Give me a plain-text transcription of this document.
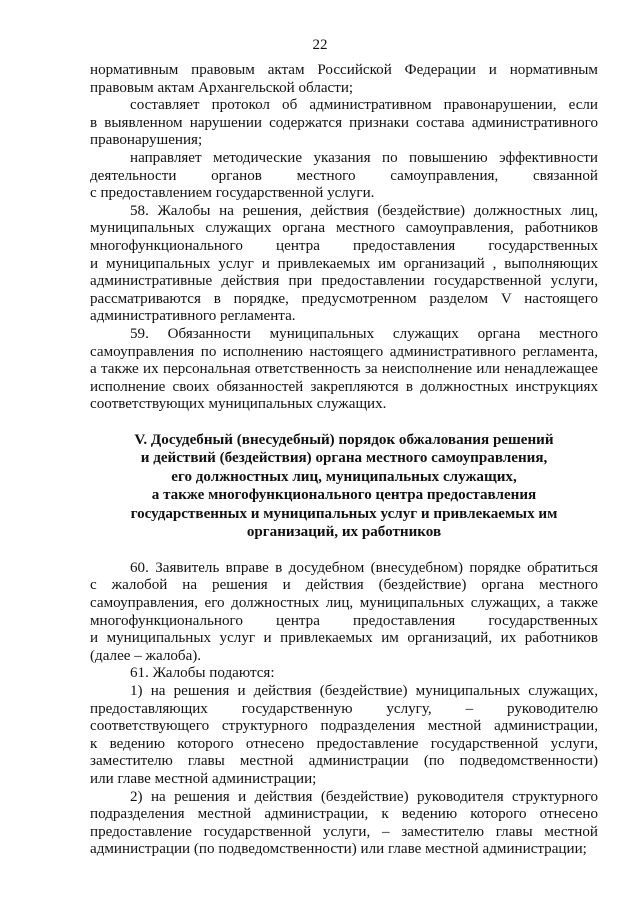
22
нормативным правовым актам Российской Федерации и нормативным
правовым актам Архангельской области;
составляет протокол об административном правонарушении, если
в выявленном нарушении содержатся признаки состава административного
правонарушения;
направляет методические указания по повышению эффективности
деятельности органов местного самоуправления, связанной
с предоставлением государственной услуги.
58. Жалобы на решения, действия (бездействие) должностных лиц,
муниципальных служащих органа местного самоуправления, работников
многофункционального центра предоставления государственных
и муниципальных услуг и привлекаемых им организаций , выполняющих
административные действия при предоставлении государственной услуги,
рассматриваются в порядке, предусмотренном разделом V настоящего
административного регламента.
59. Обязанности муниципальных служащих органа местного
самоуправления по исполнению настоящего административного регламента,
а также их персональная ответственность за неисполнение или ненадлежащее
исполнение своих обязанностей закрепляются в должностных инструкциях
соответствующих муниципальных служащих.
V. Досудебный (внесудебный) порядок обжалования решений
и действий (бездействия) органа местного самоуправления,
его должностных лиц, муниципальных служащих,
а также многофункционального центра предоставления
государственных и муниципальных услуг и привлекаемых им
организаций, их работников
60. Заявитель вправе в досудебном (внесудебном) порядке обратиться
с жалобой на решения и действия (бездействие) органа местного
самоуправления, его должностных лиц, муниципальных служащих, а также
многофункционального центра предоставления государственных
и муниципальных услуг и привлекаемых им организаций, их работников
(далее – жалоба).
61. Жалобы подаются:
1) на решения и действия (бездействие) муниципальных служащих,
предоставляющих государственную услугу, – руководителю
соответствующего структурного подразделения местной администрации,
к ведению которого отнесено предоставление государственной услуги,
заместителю главы местной администрации (по подведомственности)
или главе местной администрации;
2) на решения и действия (бездействие) руководителя структурного
подразделения местной администрации, к ведению которого отнесено
предоставление государственной услуги, – заместителю главы местной
администрации (по подведомственности) или главе местной администрации;
